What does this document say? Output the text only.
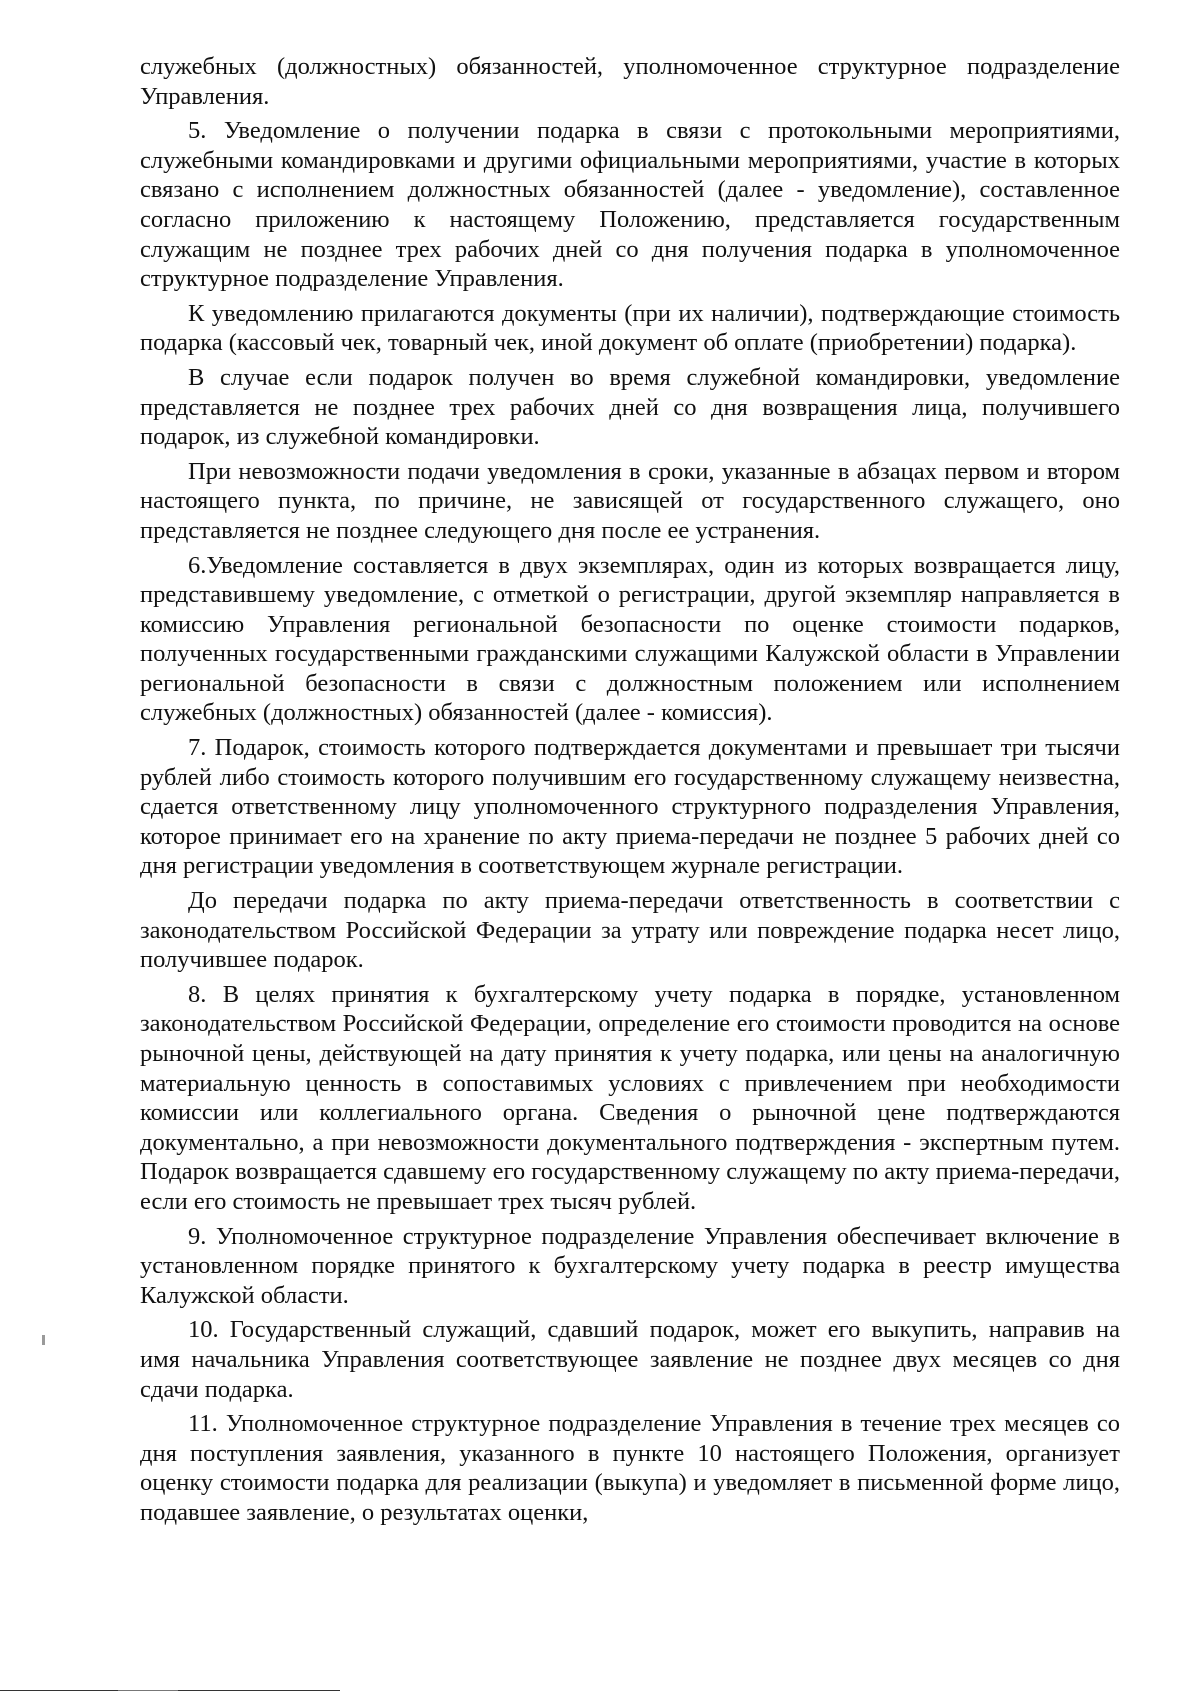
служебных (должностных) обязанностей, уполномоченное структурное подразделение Управления.

5. Уведомление о получении подарка в связи с протокольными мероприятиями, служебными командировками и другими официальными мероприятиями, участие в которых связано с исполнением должностных обязанностей (далее - уведомление), составленное согласно приложению к настоящему Положению, представляется государственным служащим не позднее трех рабочих дней со дня получения подарка в уполномоченное структурное подразделение Управления.

К уведомлению прилагаются документы (при их наличии), подтверждающие стоимость подарка (кассовый чек, товарный чек, иной документ об оплате (приобретении) подарка).

В случае если подарок получен во время служебной командировки, уведомление представляется не позднее трех рабочих дней со дня возвращения лица, получившего подарок, из служебной командировки.

При невозможности подачи уведомления в сроки, указанные в абзацах первом и втором настоящего пункта, по причине, не зависящей от государственного служащего, оно представляется не позднее следующего дня после ее устранения.

6.Уведомление составляется в двух экземплярах, один из которых возвращается лицу, представившему уведомление, с отметкой о регистрации, другой экземпляр направляется в комиссию Управления региональной безопасности по оценке стоимости подарков, полученных государственными гражданскими служащими Калужской области в Управлении региональной безопасности в связи с должностным положением или исполнением служебных (должностных) обязанностей (далее - комиссия).

7. Подарок, стоимость которого подтверждается документами и превышает три тысячи рублей либо стоимость которого получившим его государственному служащему неизвестна, сдается ответственному лицу уполномоченного структурного подразделения Управления, которое принимает его на хранение по акту приема-передачи не позднее 5 рабочих дней со дня регистрации уведомления в соответствующем журнале регистрации.

До передачи подарка по акту приема-передачи ответственность в соответствии с законодательством Российской Федерации за утрату или повреждение подарка несет лицо, получившее подарок.

8. В целях принятия к бухгалтерскому учету подарка в порядке, установленном законодательством Российской Федерации, определение его стоимости проводится на основе рыночной цены, действующей на дату принятия к учету подарка, или цены на аналогичную материальную ценность в сопоставимых условиях с привлечением при необходимости комиссии или коллегиального органа. Сведения о рыночной цене подтверждаются документально, а при невозможности документального подтверждения - экспертным путем. Подарок возвращается сдавшему его государственному служащему по акту приема-передачи, если его стоимость не превышает трех тысяч рублей.

9. Уполномоченное структурное подразделение Управления обеспечивает включение в установленном порядке принятого к бухгалтерскому учету подарка в реестр имущества Калужской области.

10. Государственный служащий, сдавший подарок, может его выкупить, направив на имя начальника Управления соответствующее заявление не позднее двух месяцев со дня сдачи подарка.

11. Уполномоченное структурное подразделение Управления в течение трех месяцев со дня поступления заявления, указанного в пункте 10 настоящего Положения, организует оценку стоимости подарка для реализации (выкупа) и уведомляет в письменной форме лицо, подавшее заявление, о результатах оценки,
